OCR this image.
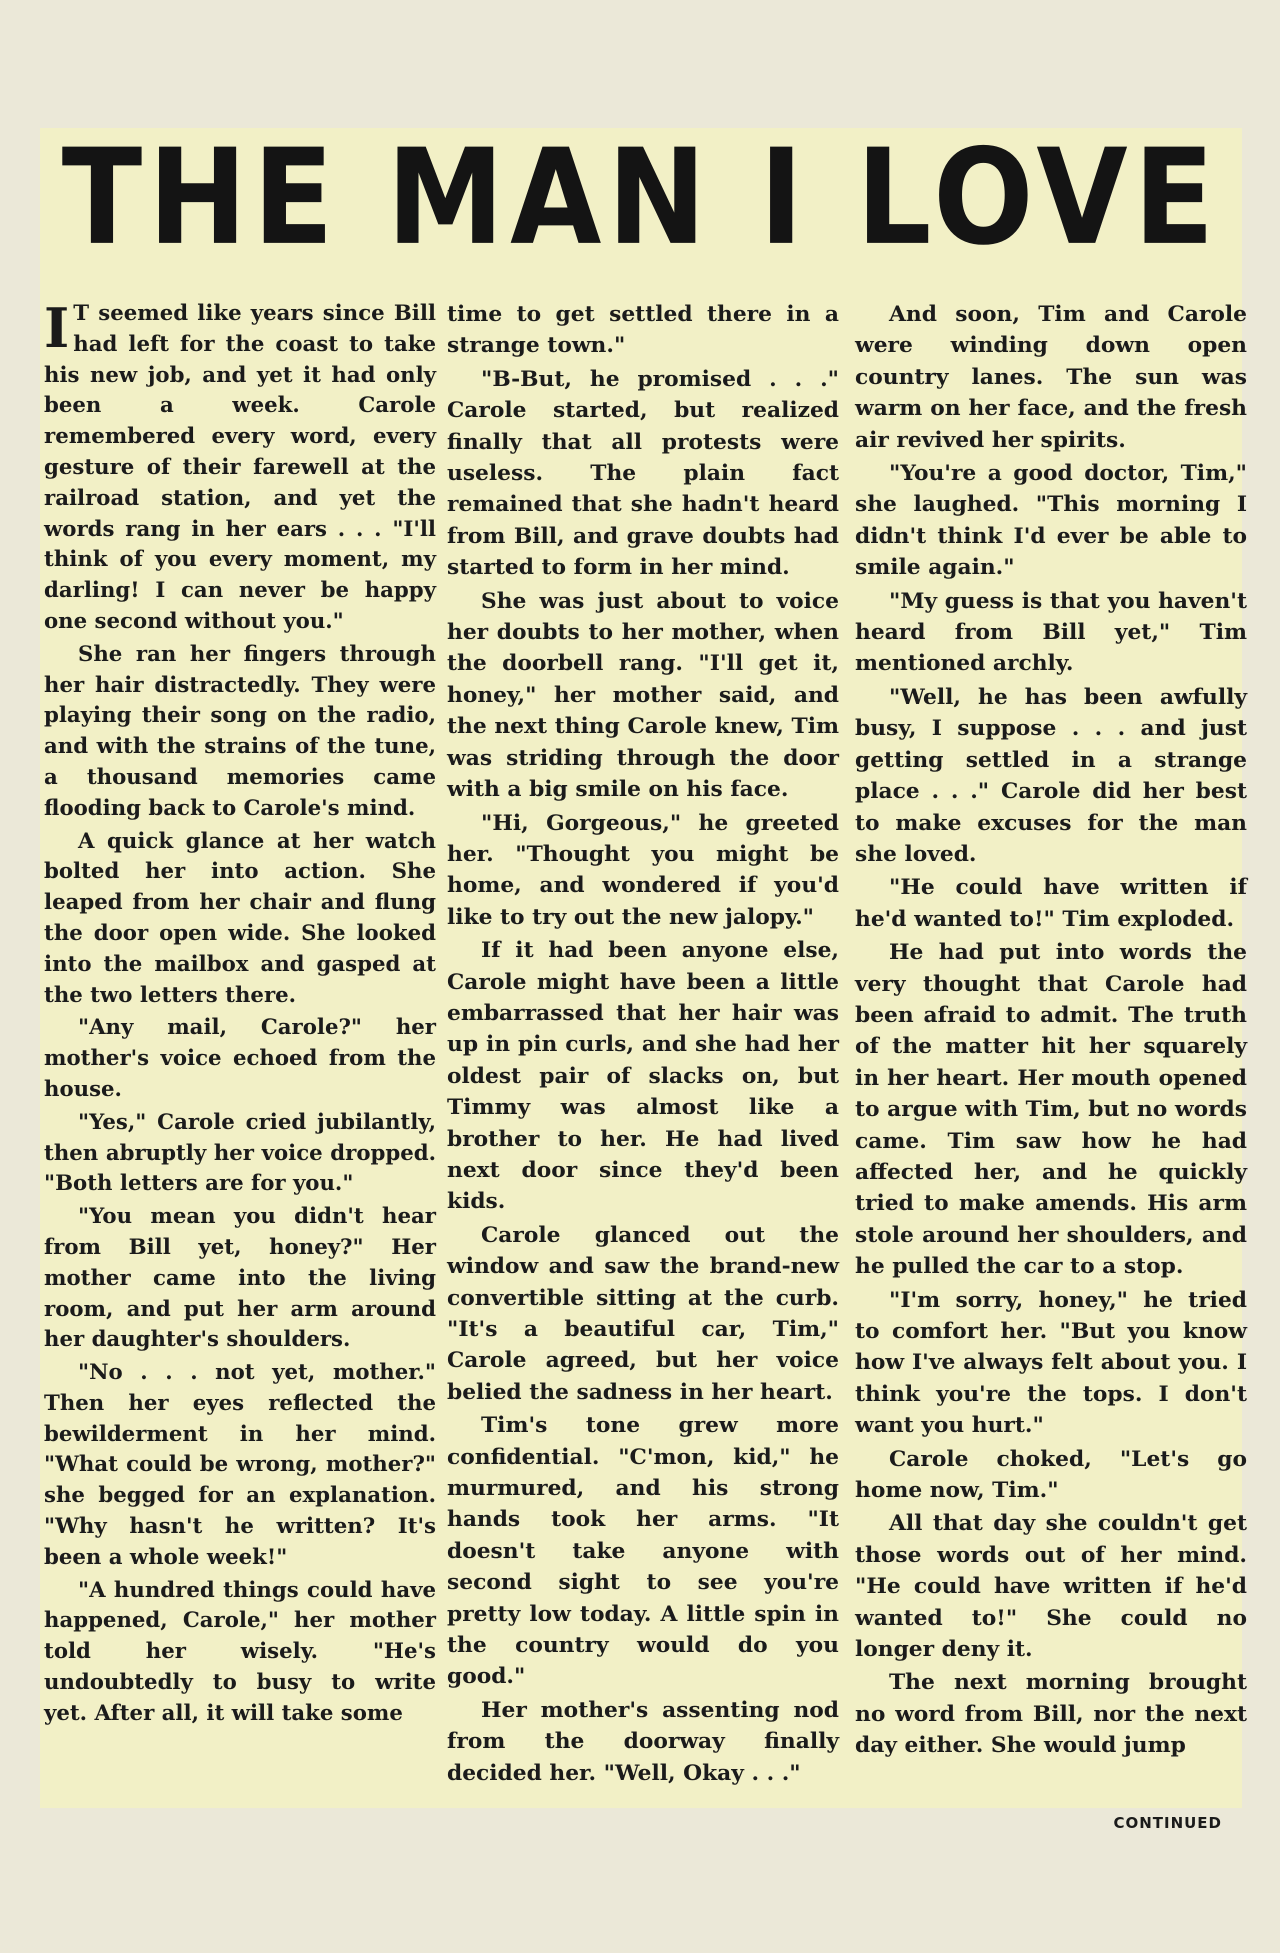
THE MAN I LOVE

I T seemed like years since Bill had left for the coast to take his new job, and yet it had only been a week. Carole remembered every word, every gesture of their farewell at the railroad station, and yet the words rang in her ears . . . "I'll think of you every moment, my darling! I can never be happy one second without you."

She ran her fingers through her hair distractedly. They were playing their song on the radio, and with the strains of the tune, a thousand memories came flooding back to Carole's mind.

A quick glance at her watch bolted her into action. She leaped from her chair and flung the door open wide. She looked into the mailbox and gasped at the two letters there.

"Any mail, Carole?" her mother's voice echoed from the house.

"Yes," Carole cried jubilantly, then abruptly her voice dropped. "Both letters are for you."

"You mean you didn't hear from Bill yet, honey?" Her mother came into the living room, and put her arm around her daughter's shoulders.

"No . . . not yet, mother." Then her eyes reflected the bewilderment in her mind. "What could be wrong, mother?" she begged for an explanation. "Why hasn't he written? It's been a whole week!"

"A hundred things could have happened, Carole," her mother told her wisely. "He's undoubtedly to busy to write yet. After all, it will take some

time to get settled there in a strange town."

"B-But, he promised . . ." Carole started, but realized finally that all protests were useless. The plain fact remained that she hadn't heard from Bill, and grave doubts had started to form in her mind.

She was just about to voice her doubts to her mother, when the doorbell rang. "I'll get it, honey," her mother said, and the next thing Carole knew, Tim was striding through the door with a big smile on his face.

"Hi, Gorgeous," he greeted her. "Thought you might be home, and wondered if you'd like to try out the new jalopy."

If it had been anyone else, Carole might have been a little embarrassed that her hair was up in pin curls, and she had her oldest pair of slacks on, but Timmy was almost like a brother to her. He had lived next door since they'd been kids.

Carole glanced out the window and saw the brand-new convertible sitting at the curb. "It's a beautiful car, Tim," Carole agreed, but her voice belied the sadness in her heart.

Tim's tone grew more confidential. "C'mon, kid," he murmured, and his strong hands took her arms. "It doesn't take anyone with second sight to see you're pretty low today. A little spin in the country would do you good."

Her mother's assenting nod from the doorway finally decided her. "Well, Okay . . ."

And soon, Tim and Carole were winding down open country lanes. The sun was warm on her face, and the fresh air revived her spirits.

"You're a good doctor, Tim," she laughed. "This morning I didn't think I'd ever be able to smile again."

"My guess is that you haven't heard from Bill yet," Tim mentioned archly.

"Well, he has been awfully busy, I suppose . . . and just getting settled in a strange place . . ." Carole did her best to make excuses for the man she loved.

"He could have written if he'd wanted to!" Tim exploded.

He had put into words the very thought that Carole had been afraid to admit. The truth of the matter hit her squarely in her heart. Her mouth opened to argue with Tim, but no words came. Tim saw how he had affected her, and he quickly tried to make amends. His arm stole around her shoulders, and he pulled the car to a stop.

"I'm sorry, honey," he tried to comfort her. "But you know how I've always felt about you. I think you're the tops. I don't want you hurt."

Carole choked, "Let's go home now, Tim."

All that day she couldn't get those words out of her mind. "He could have written if he'd wanted to!" She could no longer deny it.

The next morning brought no word from Bill, nor the next day either. She would jump

CONTINUED
